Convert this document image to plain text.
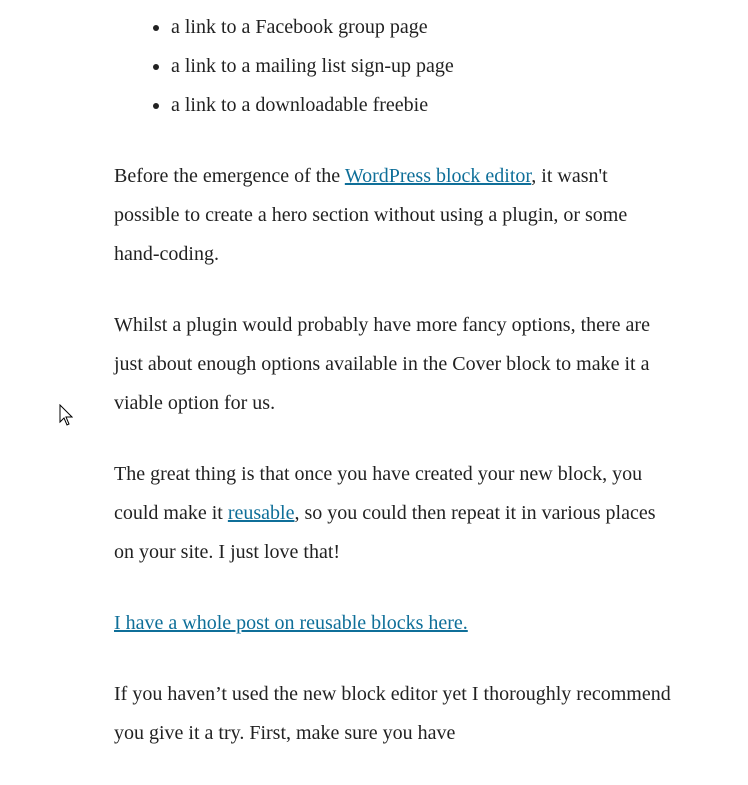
• a link to a Facebook group page
• a link to a mailing list sign-up page
• a link to a downloadable freebie

Before the emergence of the WordPress block editor, it wasn't possible to create a hero section without using a plugin, or some hand-coding.

Whilst a plugin would probably have more fancy options, there are just about enough options available in the Cover block to make it a viable option for us.

The great thing is that once you have created your new block, you could make it reusable, so you could then repeat it in various places on your site. I just love that!

I have a whole post on reusable blocks here.

If you haven’t used the new block editor yet I thoroughly recommend you give it a try. First, make sure you have
